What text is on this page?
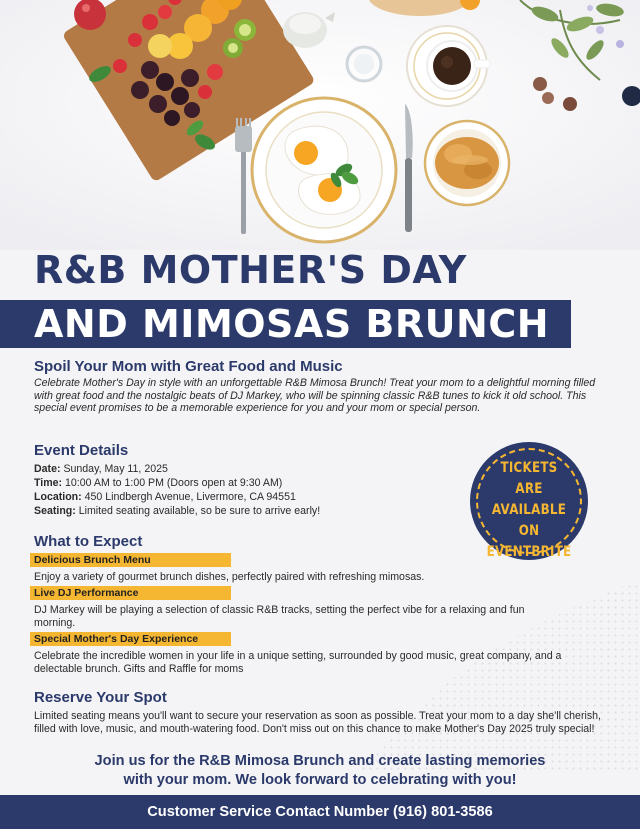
R&B MOTHER'S DAY
AND MIMOSAS BRUNCH
Spoil Your Mom with Great Food and Music
Celebrate Mother's Day in style with an unforgettable R&B Mimosa Brunch! Treat your mom to a delightful morning filled with great food and the nostalgic beats of DJ Markey, who will be spinning classic R&B tunes to kick it old school. This special event promises to be a memorable experience for you and your mom or special person.
Event Details
Date: Sunday, May 11, 2025
Time: 10:00 AM to 1:00 PM (Doors open at 9:30 AM)
Location: 450 Lindbergh Avenue, Livermore, CA 94551
Seating: Limited seating available, so be sure to arrive early!
TICKETS
ARE AVAILABLE
ON
EVENTBRITE
What to Expect
Delicious Brunch Menu
Enjoy a variety of gourmet brunch dishes, perfectly paired with refreshing mimosas.
Live DJ Performance
DJ Markey will be playing a selection of classic R&B tracks, setting the perfect vibe for a relaxing and fun morning.
Special Mother's Day Experience
Celebrate the incredible women in your life in a unique setting, surrounded by good music, great company, and a delectable brunch. Gifts and Raffle for moms
Reserve Your Spot
Limited seating means you'll want to secure your reservation as soon as possible. Treat your mom to a day she'll cherish, filled with love, music, and mouth-watering food. Don't miss out on this chance to make Mother's Day 2025 truly special!
Join us for the R&B Mimosa Brunch and create lasting memories
with your mom. We look forward to celebrating with you!
Customer Service Contact Number (916) 801-3586
